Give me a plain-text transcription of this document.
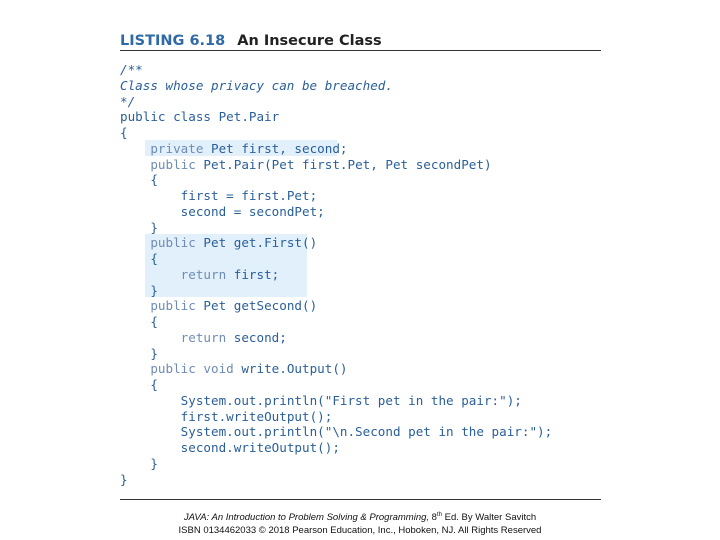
LISTING 6.18 An Insecure Class
/**
Class whose privacy can be breached.
*/
public class Pet.Pair
{
private Pet first, second;
public Pet.Pair(Pet first.Pet, Pet secondPet)
{
first = first.Pet;
second = secondPet;
}
public Pet get.First()
{
return first;
}
public Pet getSecond()
{
return second;
}
public void write.Output()
{
System.out.println("First pet in the pair:");
first.writeOutput();
System.out.println("\n.Second pet in the pair:");
second.writeOutput();
}
}
JAVA: An Introduction to Problem Solving & Programming, 8th Ed. By Walter Savitch
ISBN 0134462033 © 2018 Pearson Education, Inc., Hoboken, NJ. All Rights Reserved
